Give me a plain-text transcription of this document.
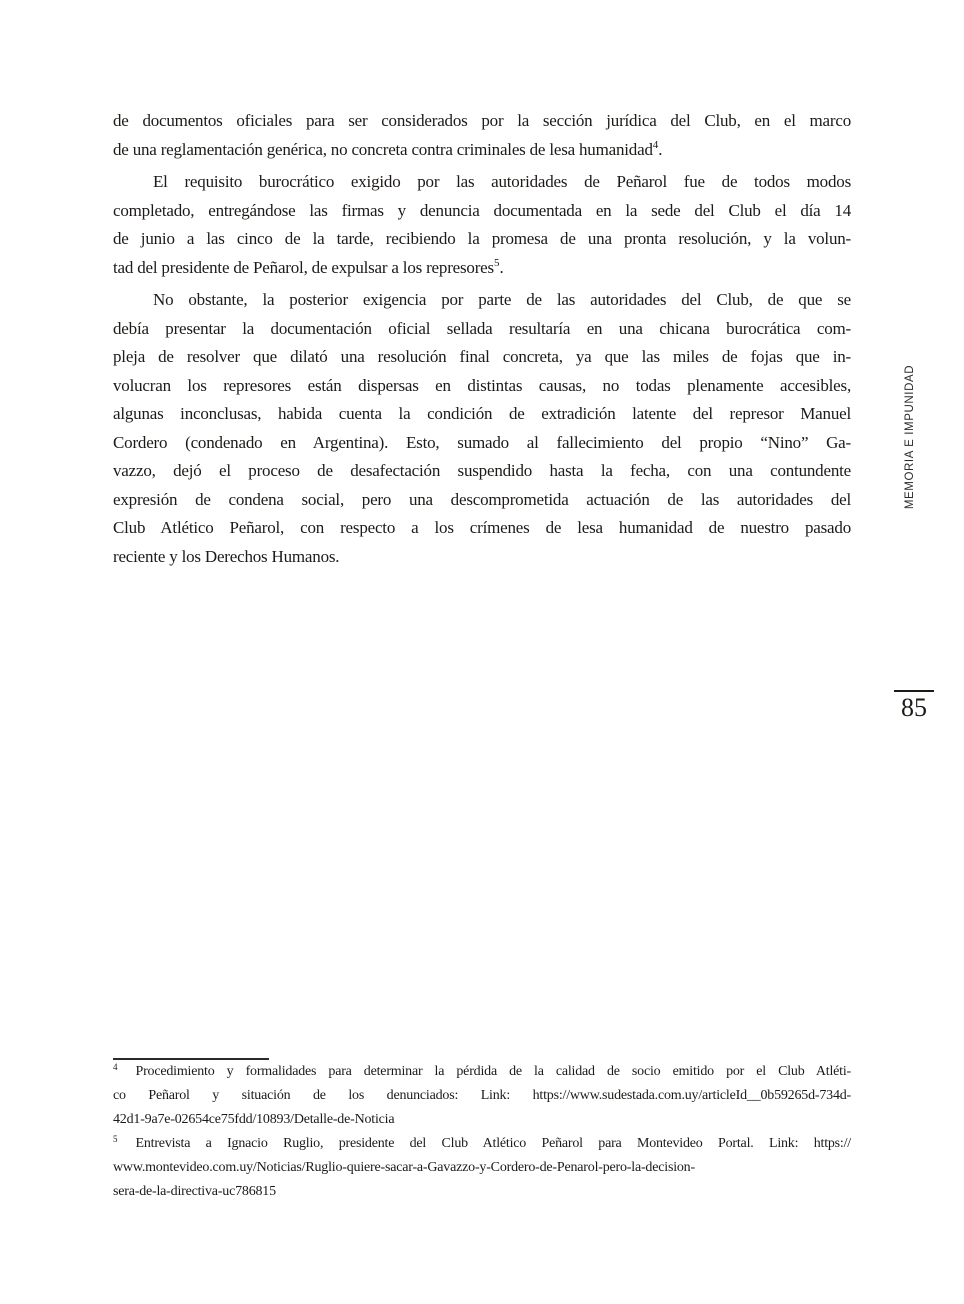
de documentos oficiales para ser considerados por la sección jurídica del Club, en el marco
de una reglamentación genérica, no concreta contra criminales de lesa humanidad$^4$.
El requisito burocrático exigido por las autoridades de Peñarol fue de todos modos
completado, entregándose las firmas y denuncia documentada en la sede del Club el día 14
de junio a las cinco de la tarde, recibiendo la promesa de una pronta resolución, y la volun-
tad del presidente de Peñarol, de expulsar a los represores$^5$.
No obstante, la posterior exigencia por parte de las autoridades del Club, de que se
debía presentar la documentación oficial sellada resultaría en una chicana burocrática com-
pleja de resolver que dilató una resolución final concreta, ya que las miles de fojas que in-
volucran los represores están dispersas en distintas causas, no todas plenamente accesibles,
algunas inconclusas, habida cuenta la condición de extradición latente del represor Manuel
Cordero (condenado en Argentina). Esto, sumado al fallecimiento del propio “Nino” Ga-
vazzo, dejó el proceso de desafectación suspendido hasta la fecha, con una contundente
expresión de condena social, pero una descomprometida actuación de las autoridades del
Club Atlético Peñarol, con respecto a los crímenes de lesa humanidad de nuestro pasado
reciente y los Derechos Humanos.
MEMORIA E IMPUNIDAD
85
$^4$ Procedimiento y formalidades para determinar la pérdida de la calidad de socio emitido por el Club Atléti-
co Peñarol y situación de los denunciados: Link: https://www.sudestada.com.uy/articleId__0b59265d-734d-
42d1-9a7e-02654ce75fdd/10893/Detalle-de-Noticia
$^5$ Entrevista a Ignacio Ruglio, presidente del Club Atlético Peñarol para Montevideo Portal. Link: https://
www.montevideo.com.uy/Noticias/Ruglio-quiere-sacar-a-Gavazzo-y-Cordero-de-Penarol-pero-la-decision-
sera-de-la-directiva-uc786815
